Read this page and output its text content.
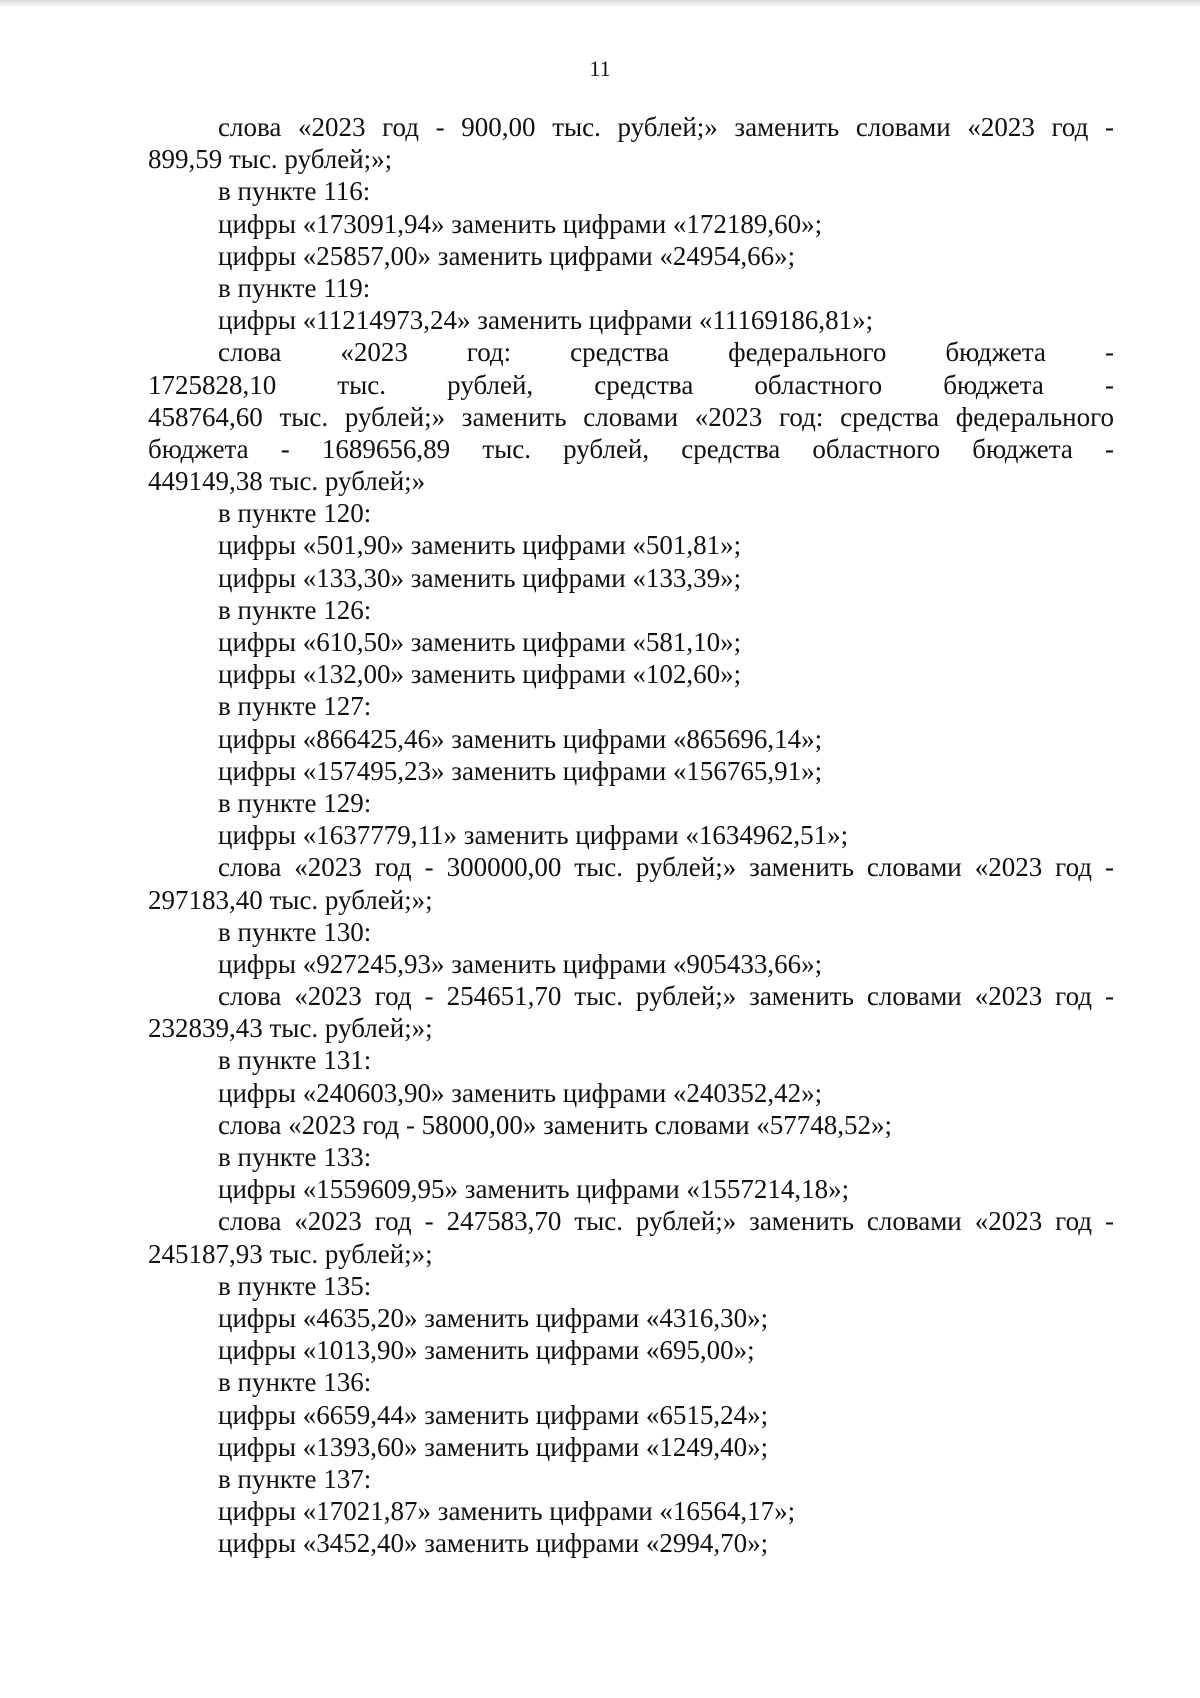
11
слова «2023 год - 900,00 тыс. рублей;» заменить словами «2023 год -
899,59 тыс. рублей;»;
в пункте 116:
цифры «173091,94» заменить цифрами «172189,60»;
цифры «25857,00» заменить цифрами «24954,66»;
в пункте 119:
цифры «11214973,24» заменить цифрами «11169186,81»;
слова «2023 год: средства федерального бюджета -
1725828,10 тыс. рублей, средства областного бюджета -
458764,60 тыс. рублей;» заменить словами «2023 год: средства федерального
бюджета - 1689656,89 тыс. рублей, средства областного бюджета -
449149,38 тыс. рублей;»
в пункте 120:
цифры «501,90» заменить цифрами «501,81»;
цифры «133,30» заменить цифрами «133,39»;
в пункте 126:
цифры «610,50» заменить цифрами «581,10»;
цифры «132,00» заменить цифрами «102,60»;
в пункте 127:
цифры «866425,46» заменить цифрами «865696,14»;
цифры «157495,23» заменить цифрами «156765,91»;
в пункте 129:
цифры «1637779,11» заменить цифрами «1634962,51»;
слова «2023 год - 300000,00 тыс. рублей;» заменить словами «2023 год -
297183,40 тыс. рублей;»;
в пункте 130:
цифры «927245,93» заменить цифрами «905433,66»;
слова «2023 год - 254651,70 тыс. рублей;» заменить словами «2023 год -
232839,43 тыс. рублей;»;
в пункте 131:
цифры «240603,90» заменить цифрами «240352,42»;
слова «2023 год - 58000,00» заменить словами «57748,52»;
в пункте 133:
цифры «1559609,95» заменить цифрами «1557214,18»;
слова «2023 год - 247583,70 тыс. рублей;» заменить словами «2023 год -
245187,93 тыс. рублей;»;
в пункте 135:
цифры «4635,20» заменить цифрами «4316,30»;
цифры «1013,90» заменить цифрами «695,00»;
в пункте 136:
цифры «6659,44» заменить цифрами «6515,24»;
цифры «1393,60» заменить цифрами «1249,40»;
в пункте 137:
цифры «17021,87» заменить цифрами «16564,17»;
цифры «3452,40» заменить цифрами «2994,70»;
